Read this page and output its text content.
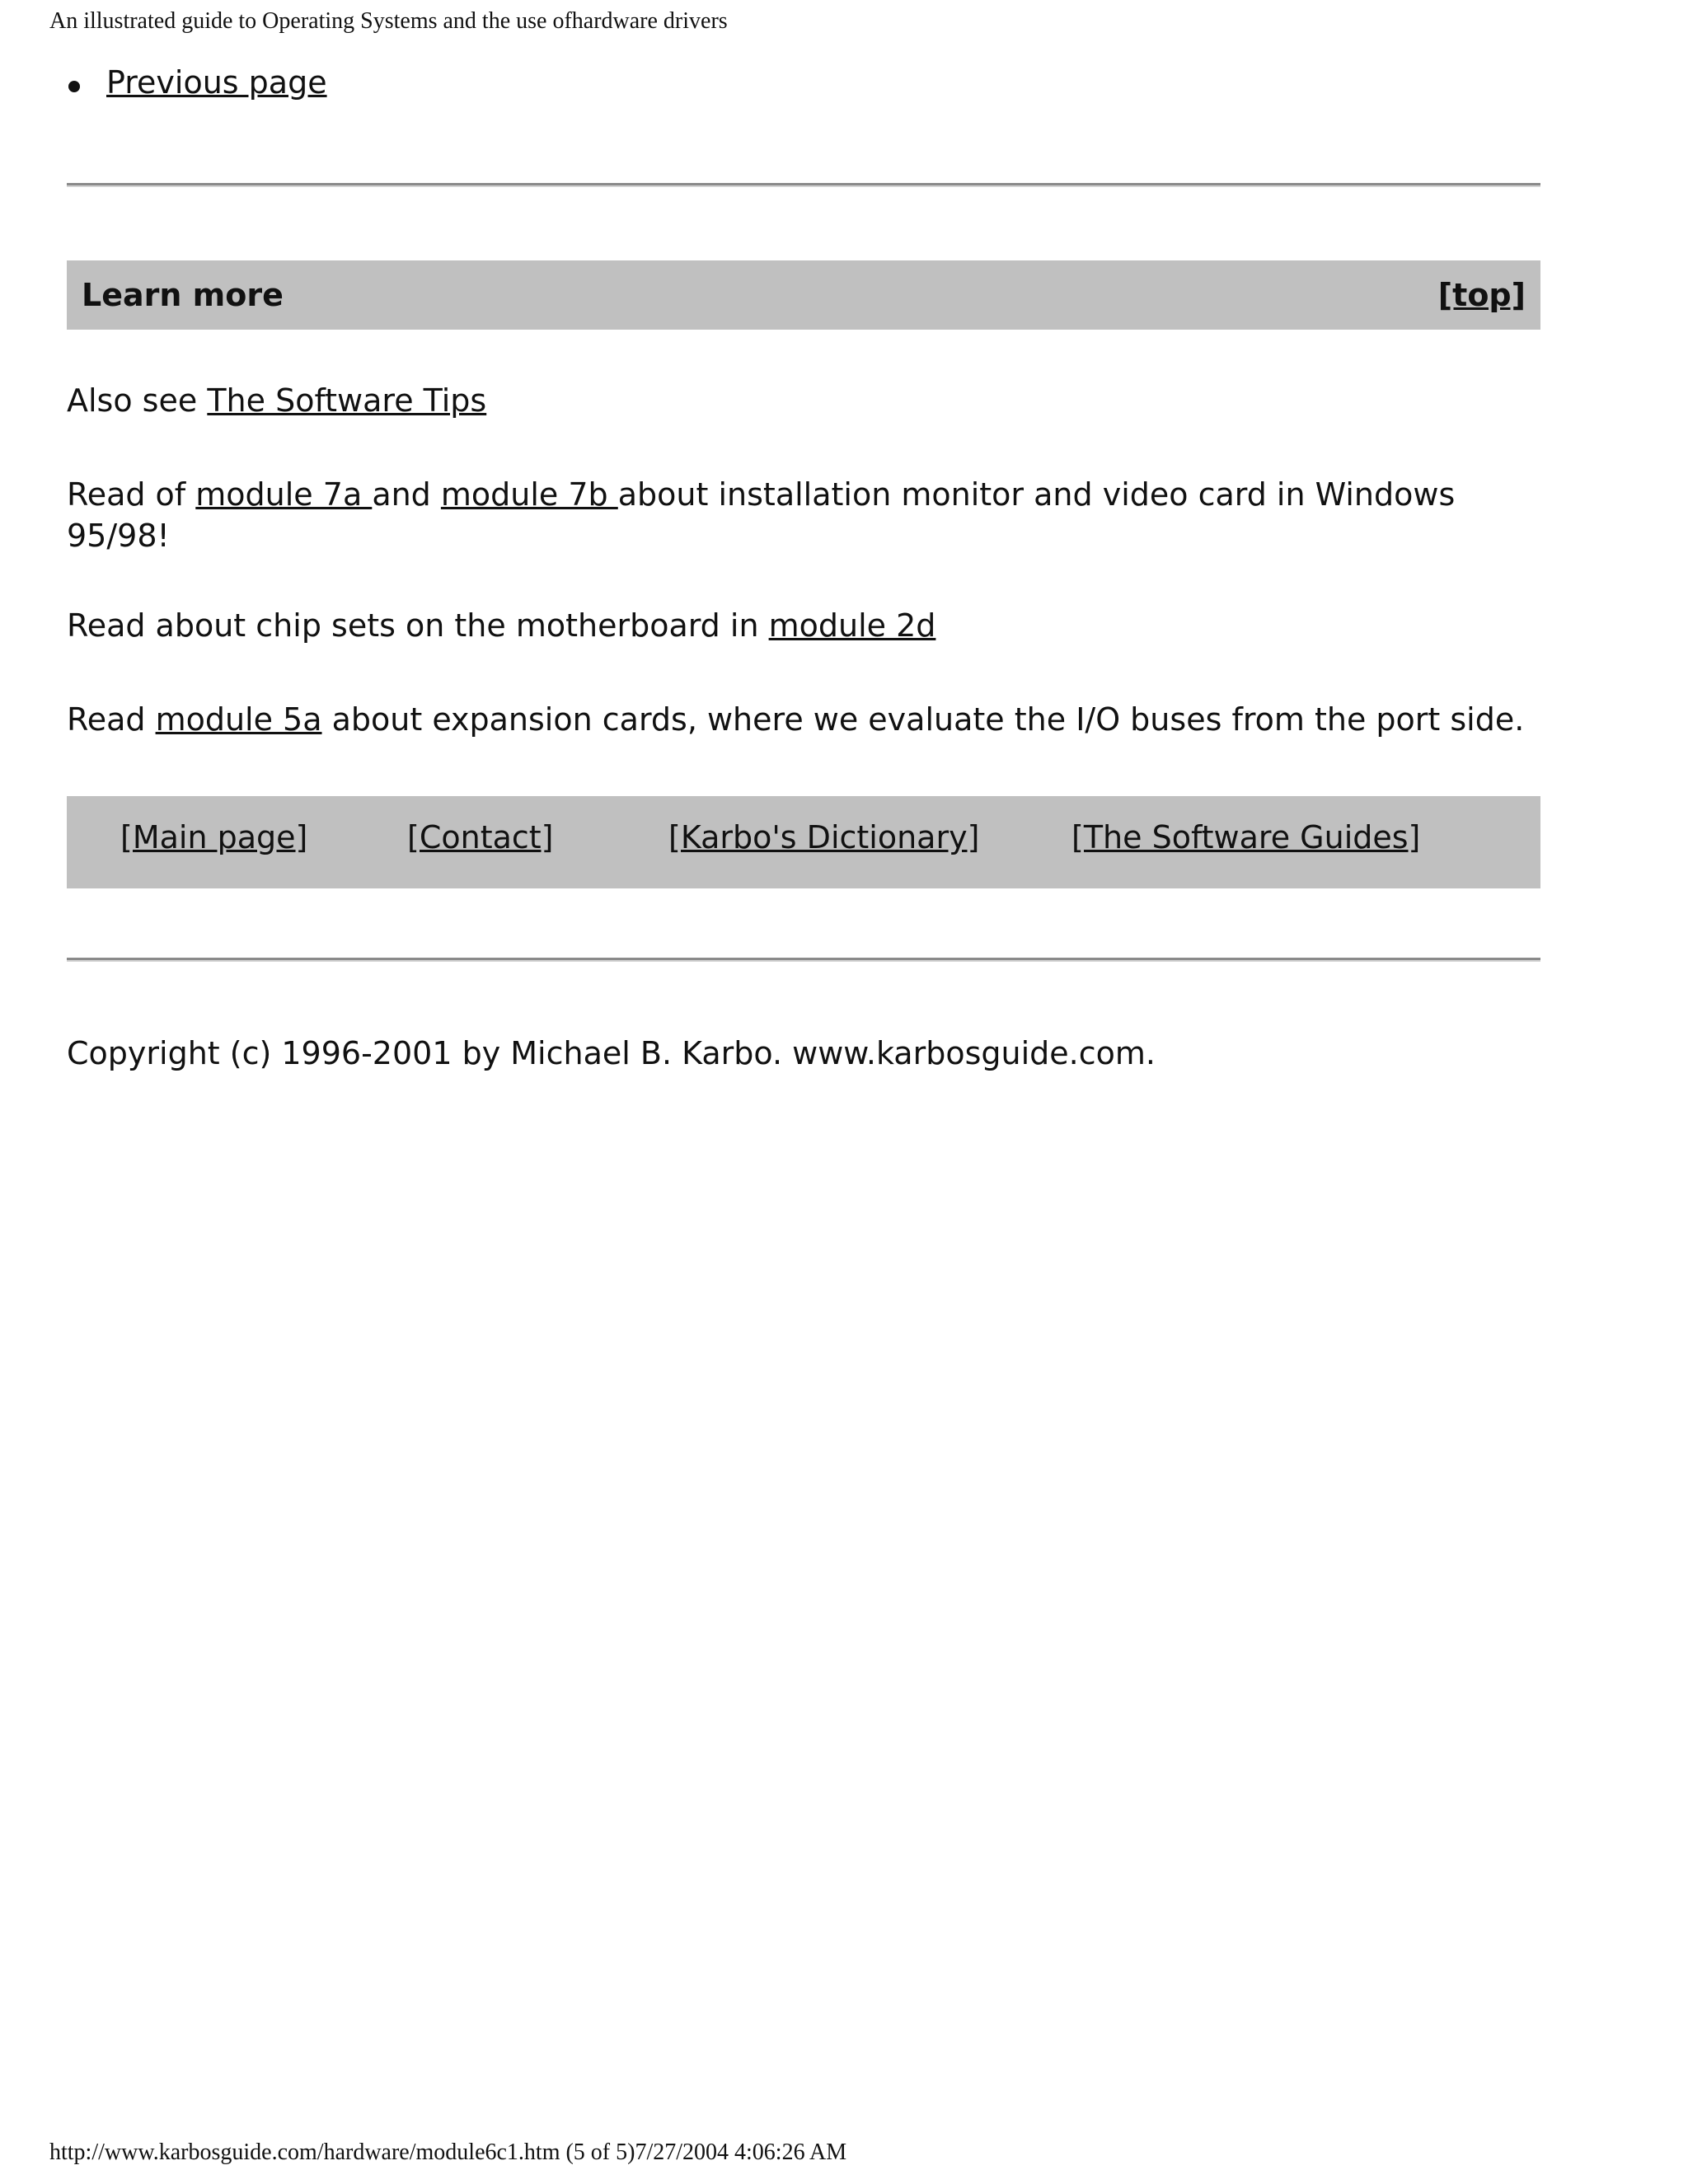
An illustrated guide to Operating Systems and the use ofhardware drivers
Previous page
Learn more	[top]

Also see The Software Tips

Read of module 7a and module 7b about installation monitor and video card in Windows 95/98!

Read about chip sets on the motherboard in module 2d

Read module 5a about expansion cards, where we evaluate the I/O buses from the port side.

[Main page]	[Contact]	[Karbo's Dictionary]	[The Software Guides]

Copyright (c) 1996-2001 by Michael B. Karbo. www.karbosguide.com.

http://www.karbosguide.com/hardware/module6c1.htm (5 of 5)7/27/2004 4:06:26 AM
